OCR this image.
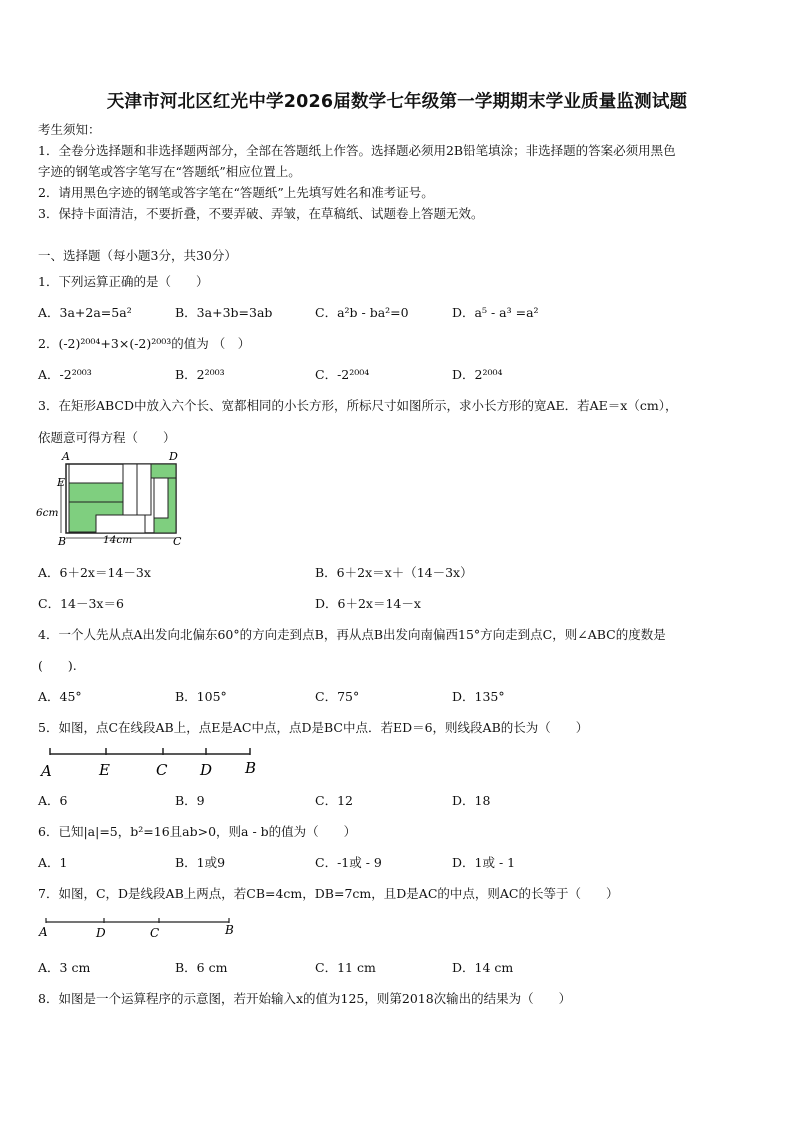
天津市河北区红光中学2026届数学七年级第一学期期末学业质量监测试题
考生须知：
1．全卷分选择题和非选择题两部分，全部在答题纸上作答。选择题必须用2B铅笔填涂；非选择题的答案必须用黑色
字迹的钢笔或答字笔写在“答题纸”相应位置上。
2．请用黑色字迹的钢笔或答字笔在“答题纸”上先填写姓名和准考证号。
3．保持卡面清洁，不要折叠，不要弄破、弄皱，在草稿纸、试题卷上答题无效。
一、选择题（每小题3分，共30分）
1．下列运算正确的是（　　）
A．3a+2a=5a²	B．3a+3b=3ab	C．a²b - ba²=0	D．a⁵ - a³ =a²
2．(-2)²⁰⁰⁴+3×(-2)²⁰⁰³的值为 （　）
A．-2²⁰⁰³	B．2²⁰⁰³	C．-2²⁰⁰⁴	D．2²⁰⁰⁴
3．在矩形ABCD中放入六个长、宽都相同的小长方形，所标尺寸如图所示，求小长方形的宽AE．若AE＝x（cm），
依题意可得方程（　　）
A	D
E
B	C
6cm
14cm
A．6＋2x＝14－3x	B．6＋2x＝x＋（14－3x）
C．14－3x＝6	D．6＋2x＝14－x
4．一个人先从点A出发向北偏东60°的方向走到点B，再从点B出发向南偏西15°方向走到点C，则∠ABC的度数是
(　　).
A．45°	B．105°	C．75°	D．135°
5．如图，点C在线段AB上，点E是AC中点，点D是BC中点．若ED＝6，则线段AB的长为（　　）
A	E	C D B
A．6	B．9	C．12	D．18
6．已知|a|=5，b²=16且ab>0，则a - b的值为（　　）
A．1	B．1或9	C．-1或 - 9	D．1或 - 1
7．如图，C，D是线段AB上两点，若CB=4cm，DB=7cm，且D是AC的中点，则AC的长等于（　　）
A	D	C	B
A．3 cm	B．6 cm	C．11 cm	D．14 cm
8．如图是一个运算程序的示意图，若开始输入x的值为125，则第2018次输出的结果为（　　）
